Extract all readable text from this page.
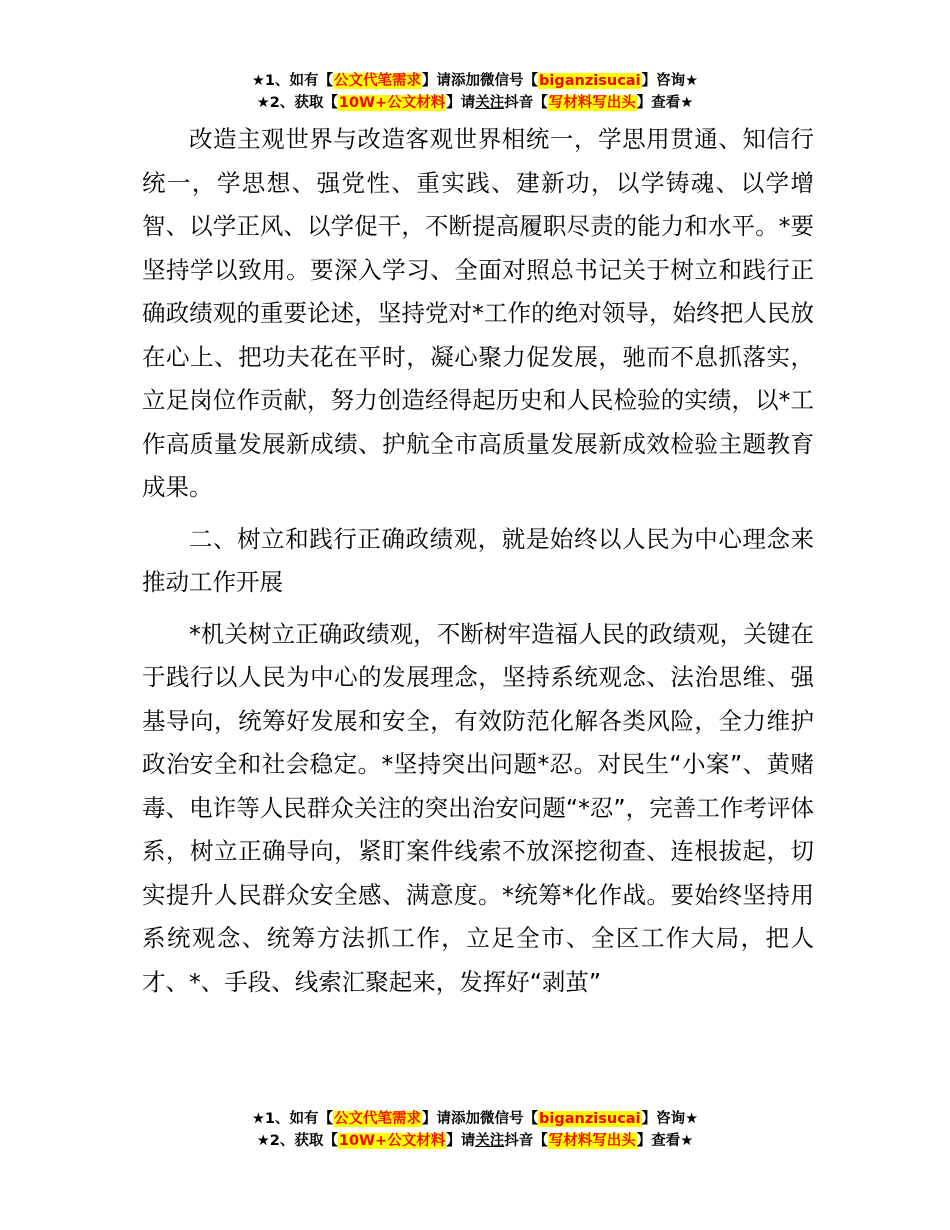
★1、如有【公文代笔需求】请添加微信号【biganzisucai】咨询★
★2、获取【10W+公文材料】请关注抖音【写材料写出头】查看★

改造主观世界与改造客观世界相统一，学思用贯通、知信行统一，学思想、强党性、重实践、建新功，以学铸魂、以学增智、以学正风、以学促干，不断提高履职尽责的能力和水平。*要坚持学以致用。要深入学习、全面对照总书记关于树立和践行正确政绩观的重要论述，坚持党对*工作的绝对领导，始终把人民放在心上、把功夫花在平时，凝心聚力促发展，驰而不息抓落实，立足岗位作贡献，努力创造经得起历史和人民检验的实绩，以*工作高质量发展新成绩、护航全市高质量发展新成效检验主题教育成果。

二、树立和践行正确政绩观，就是始终以人民为中心理念来推动工作开展

*机关树立正确政绩观，不断树牢造福人民的政绩观，关键在于践行以人民为中心的发展理念，坚持系统观念、法治思维、强基导向，统筹好发展和安全，有效防范化解各类风险，全力维护政治安全和社会稳定。*坚持突出问题*忍。对民生“小案”、黄赌毒、电诈等人民群众关注的突出治安问题“*忍”，完善工作考评体系，树立正确导向，紧盯案件线索不放深挖彻查、连根拔起，切实提升人民群众安全感、满意度。*统筹*化作战。要始终坚持用系统观念、统筹方法抓工作，立足全市、全区工作大局，把人才、*、手段、线索汇聚起来，发挥好“剥茧”

★1、如有【公文代笔需求】请添加微信号【biganzisucai】咨询★
★2、获取【10W+公文材料】请关注抖音【写材料写出头】查看★
